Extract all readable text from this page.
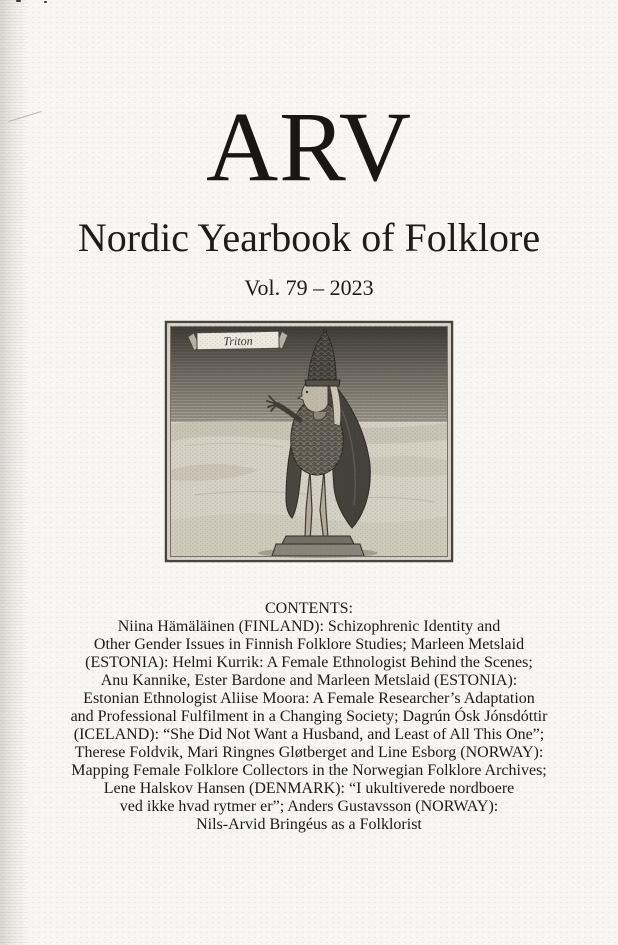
ARV
Nordic Yearbook of Folklore
Vol. 79 – 2023
Triton
CONTENTS:
Niina Hämäläinen (FINLAND): Schizophrenic Identity and
Other Gender Issues in Finnish Folklore Studies; Marleen Metslaid
(ESTONIA): Helmi Kurrik: A Female Ethnologist Behind the Scenes;
Anu Kannike, Ester Bardone and Marleen Metslaid (ESTONIA):
Estonian Ethnologist Aliise Moora: A Female Researcher’s Adaptation
and Professional Fulfilment in a Changing Society; Dagrún Ósk Jónsdóttir
(ICELAND): “She Did Not Want a Husband, and Least of All This One”;
Therese Foldvik, Mari Ringnes Gløtberget and Line Esborg (NORWAY):
Mapping Female Folklore Collectors in the Norwegian Folklore Archives;
Lene Halskov Hansen (DENMARK): “I ukultiverede nordboere
ved ikke hvad rytmer er”; Anders Gustavsson (NORWAY):
Nils-Arvid Bringéus as a Folklorist
